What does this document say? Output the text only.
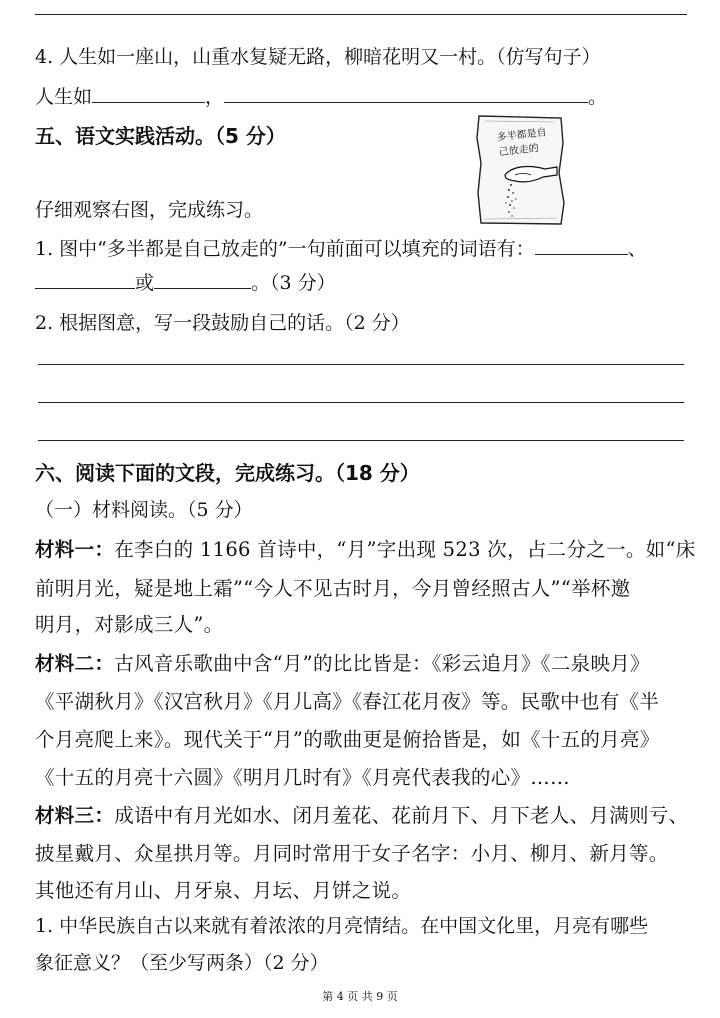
4. 人生如一座山，山重水复疑无路，柳暗花明又一村。（仿写句子）
人生如	，	。
五、语文实践活动。（5 分）	多半都是自
己放走的
仔细观察右图，完成练习。
1. 图中“多半都是自己放走的”一句前面可以填充的词语有：	、
或	。（3 分）
2. 根据图意，写一段鼓励自己的话。（2 分）
六、阅读下面的文段，完成练习。（18 分）
（一）材料阅读。（5 分）
材料一：在李白的 1166 首诗中，“月”字出现 523 次，占二分之一。如“床
前明月光，疑是地上霜”“今人不见古时月，今月曾经照古人”“举杯邀
明月，对影成三人”。
材料二：古风音乐歌曲中含“月”的比比皆是：《彩云追月》《二泉映月》
《平湖秋月》《汉宫秋月》《月儿高》《春江花月夜》等。民歌中也有《半
个月亮爬上来》。现代关于“月”的歌曲更是俯拾皆是，如《十五的月亮》
《十五的月亮十六圆》《明月几时有》《月亮代表我的心》……
材料三：成语中有月光如水、闭月羞花、花前月下、月下老人、月满则亏、
披星戴月、众星拱月等。月同时常用于女子名字：小月、柳月、新月等。
其他还有月山、月牙泉、月坛、月饼之说。
1. 中华民族自古以来就有着浓浓的月亮情结。在中国文化里，月亮有哪些
象征意义？（至少写两条）（2 分）
第 4 页 共 9 页
